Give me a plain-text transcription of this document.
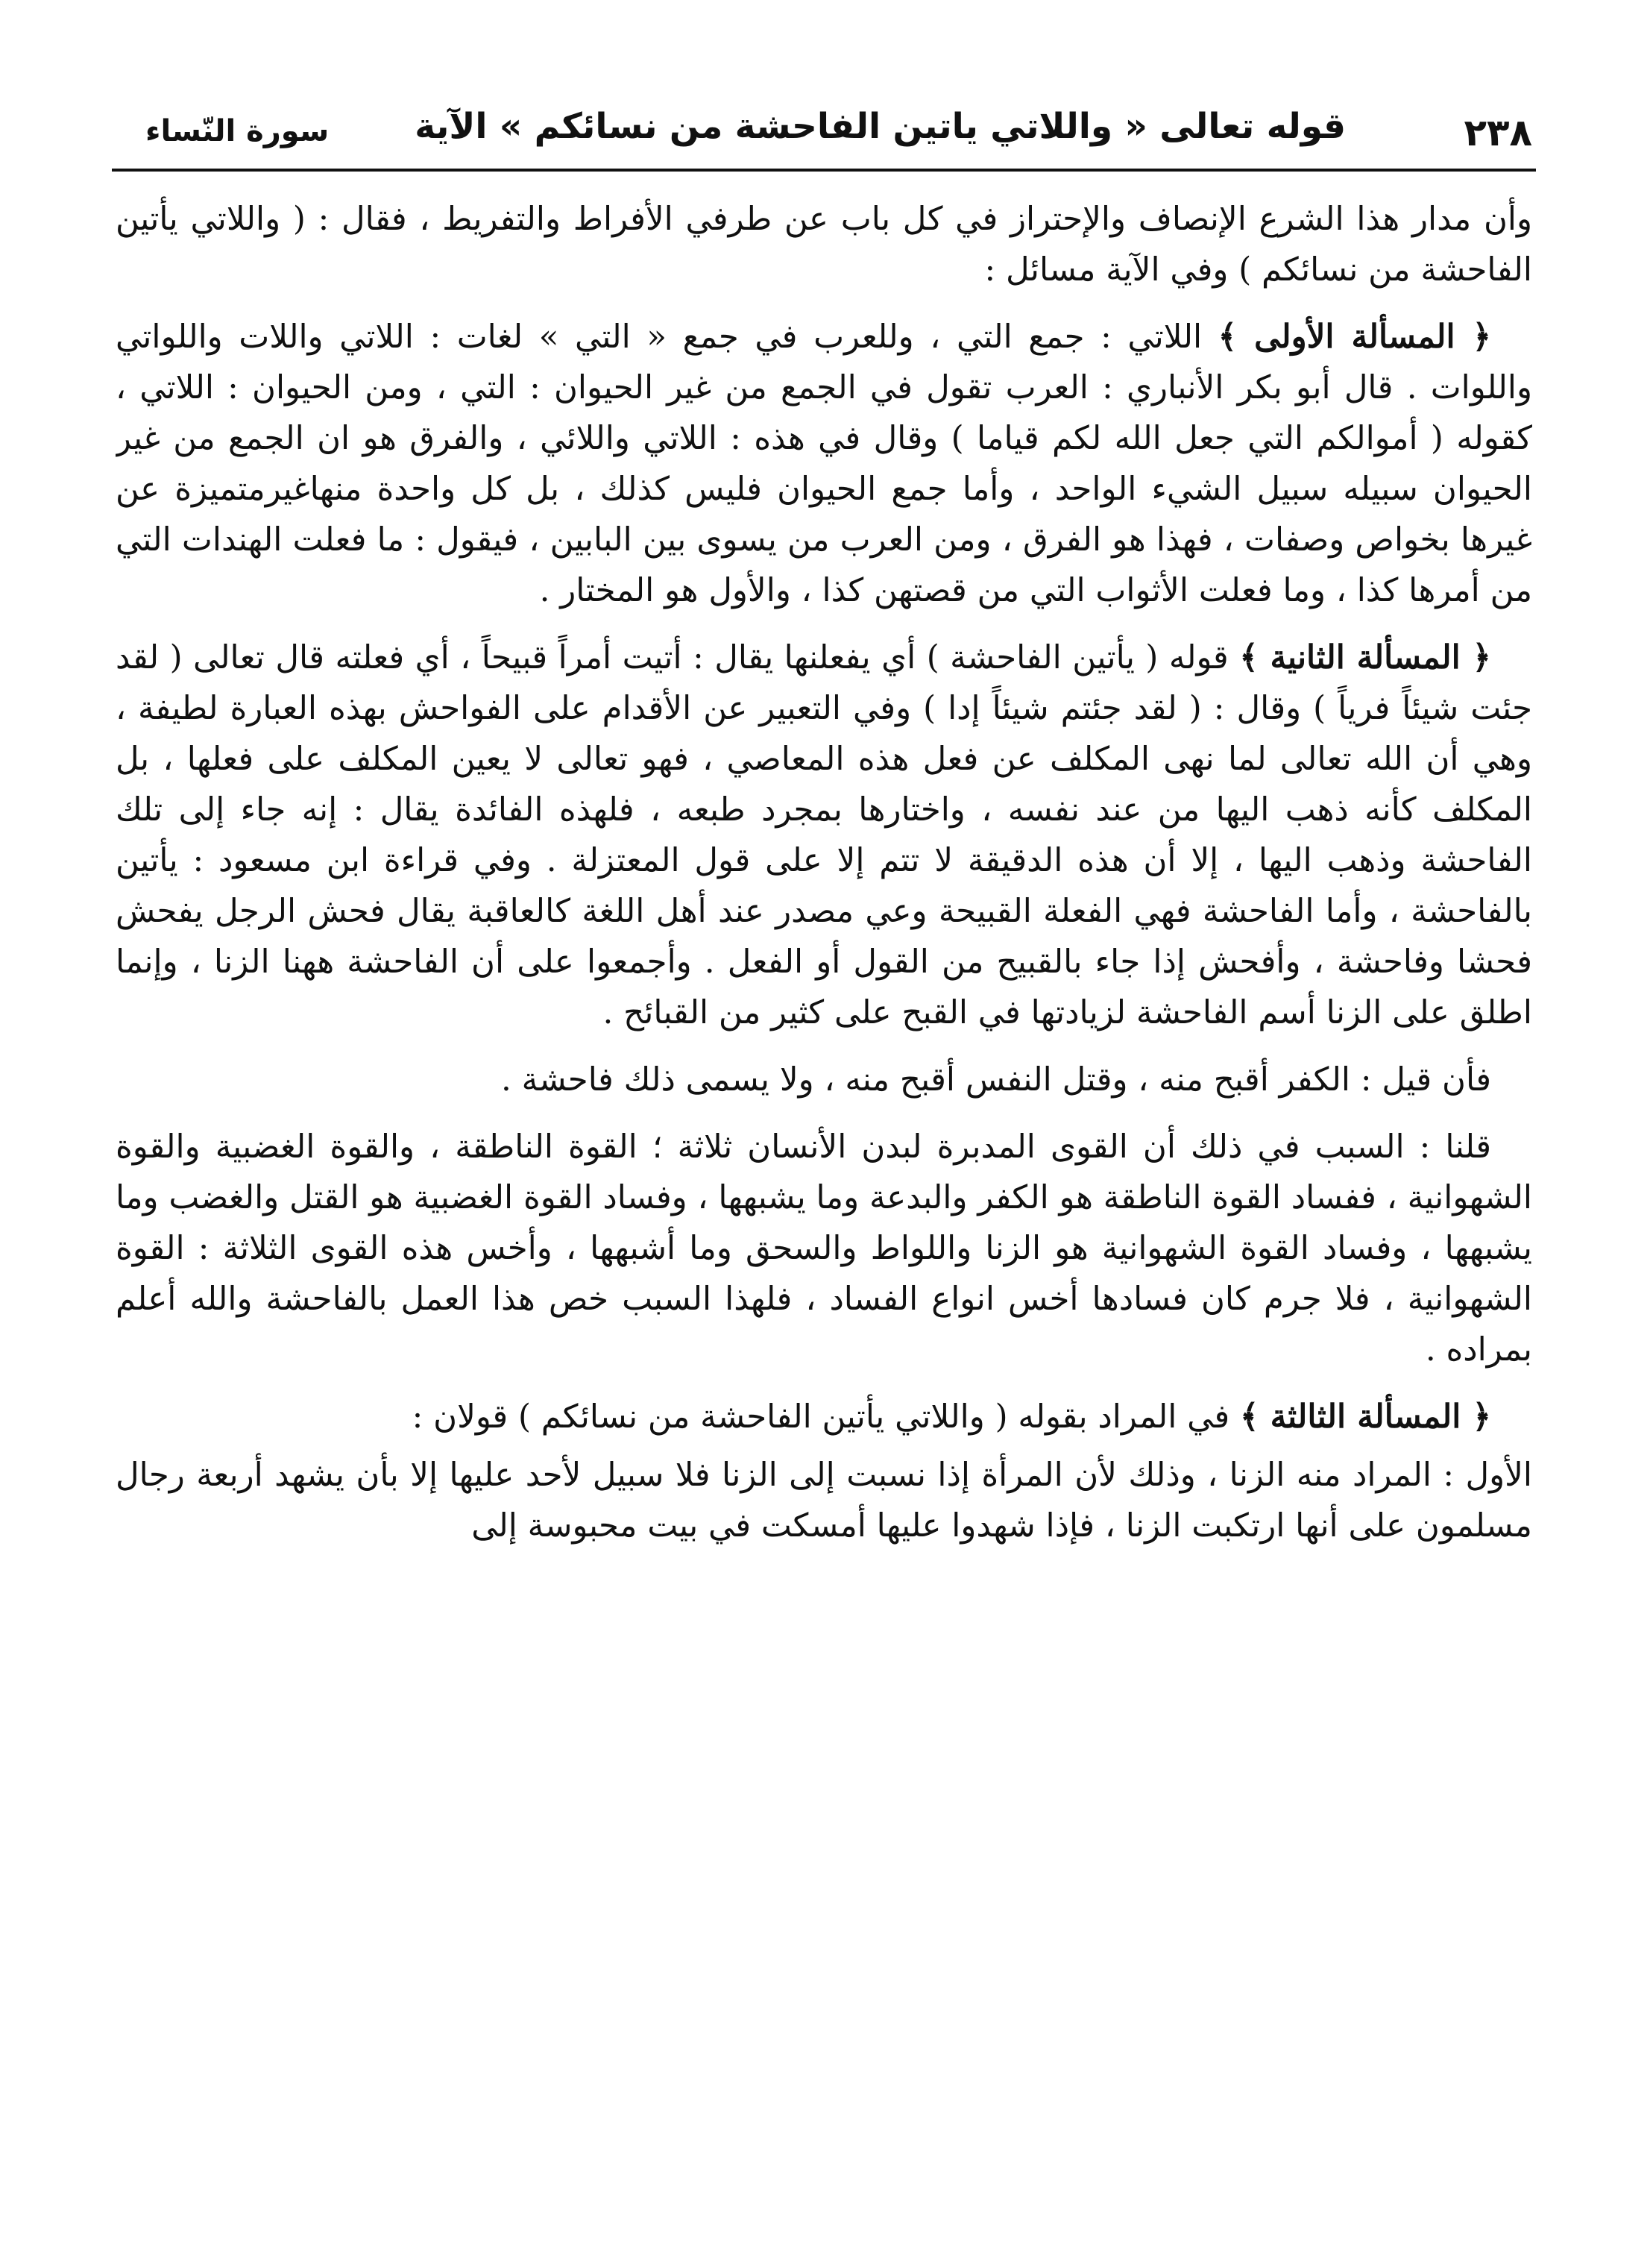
٢٣٨
قوله تعالى « واللاتي ياتين الفاحشة من نسائكم » الآية
سورة النّساء

وأن مدار هذا الشرع الإنصاف والإحتراز في كل باب عن طرفي الأفراط والتفريط ، فقال : ( واللاتي يأتين الفاحشة من نسائكم ) وفي الآية مسائل :

﴿ المسألة الأولى ﴾ اللاتي : جمع التي ، وللعرب في جمع « التي » لغات : اللاتي واللات واللواتي واللوات . قال أبو بكر الأنباري : العرب تقول في الجمع من غير الحيوان : التي ، ومن الحيوان : اللاتي ، كقوله ( أموالكم التي جعل الله لكم قياما ) وقال في هذه : اللاتي واللائي ، والفرق هو ان الجمع من غير الحيوان سبيله سبيل الشيء الواحد ، وأما جمع الحيوان فليس كذلك ، بل كل واحدة منهاغيرمتميزة عن غيرها بخواص وصفات ، فهذا هو الفرق ، ومن العرب من يسوى بين البابين ، فيقول : ما فعلت الهندات التي من أمرها كذا ، وما فعلت الأثواب التي من قصتهن كذا ، والأول هو المختار .

﴿ المسألة الثانية ﴾ قوله ( يأتين الفاحشة ) أي يفعلنها يقال : أتيت أمراً قبيحاً ، أي فعلته قال تعالى ( لقد جئت شيئاً فرياً ) وقال : ( لقد جئتم شيئاً إدا ) وفي التعبير عن الأقدام على الفواحش بهذه العبارة لطيفة ، وهي أن الله تعالى لما نهى المكلف عن فعل هذه المعاصي ، فهو تعالى لا يعين المكلف على فعلها ، بل المكلف كأنه ذهب اليها من عند نفسه ، واختارها بمجرد طبعه ، فلهذه الفائدة يقال : إنه جاء إلى تلك الفاحشة وذهب اليها ، إلا أن هذه الدقيقة لا تتم إلا على قول المعتزلة . وفي قراءة ابن مسعود : يأتين بالفاحشة ، وأما الفاحشة فهي الفعلة القبيحة وعي مصدر عند أهل اللغة كالعاقبة يقال فحش الرجل يفحش فحشا وفاحشة ، وأفحش إذا جاء بالقبيح من القول أو الفعل . وأجمعوا على أن الفاحشة ههنا الزنا ، وإنما اطلق على الزنا أسم الفاحشة لزيادتها في القبح على كثير من القبائح .

فأن قيل : الكفر أقبح منه ، وقتل النفس أقبح منه ، ولا يسمى ذلك فاحشة .

قلنا : السبب في ذلك أن القوى المدبرة لبدن الأنسان ثلاثة ؛ القوة الناطقة ، والقوة الغضبية والقوة الشهوانية ، ففساد القوة الناطقة هو الكفر والبدعة وما يشبهها ، وفساد القوة الغضبية هو القتل والغضب وما يشبهها ، وفساد القوة الشهوانية هو الزنا واللواط والسحق وما أشبهها ، وأخس هذه القوى الثلاثة : القوة الشهوانية ، فلا جرم كان فسادها أخس انواع الفساد ، فلهذا السبب خص هذا العمل بالفاحشة والله أعلم بمراده .

﴿ المسألة الثالثة ﴾ في المراد بقوله ( واللاتي يأتين الفاحشة من نسائكم ) قولان :

الأول : المراد منه الزنا ، وذلك لأن المرأة إذا نسبت إلى الزنا فلا سبيل لأحد عليها إلا بأن يشهد أربعة رجال مسلمون على أنها ارتكبت الزنا ، فإذا شهدوا عليها أمسكت في بيت محبوسة إلى
